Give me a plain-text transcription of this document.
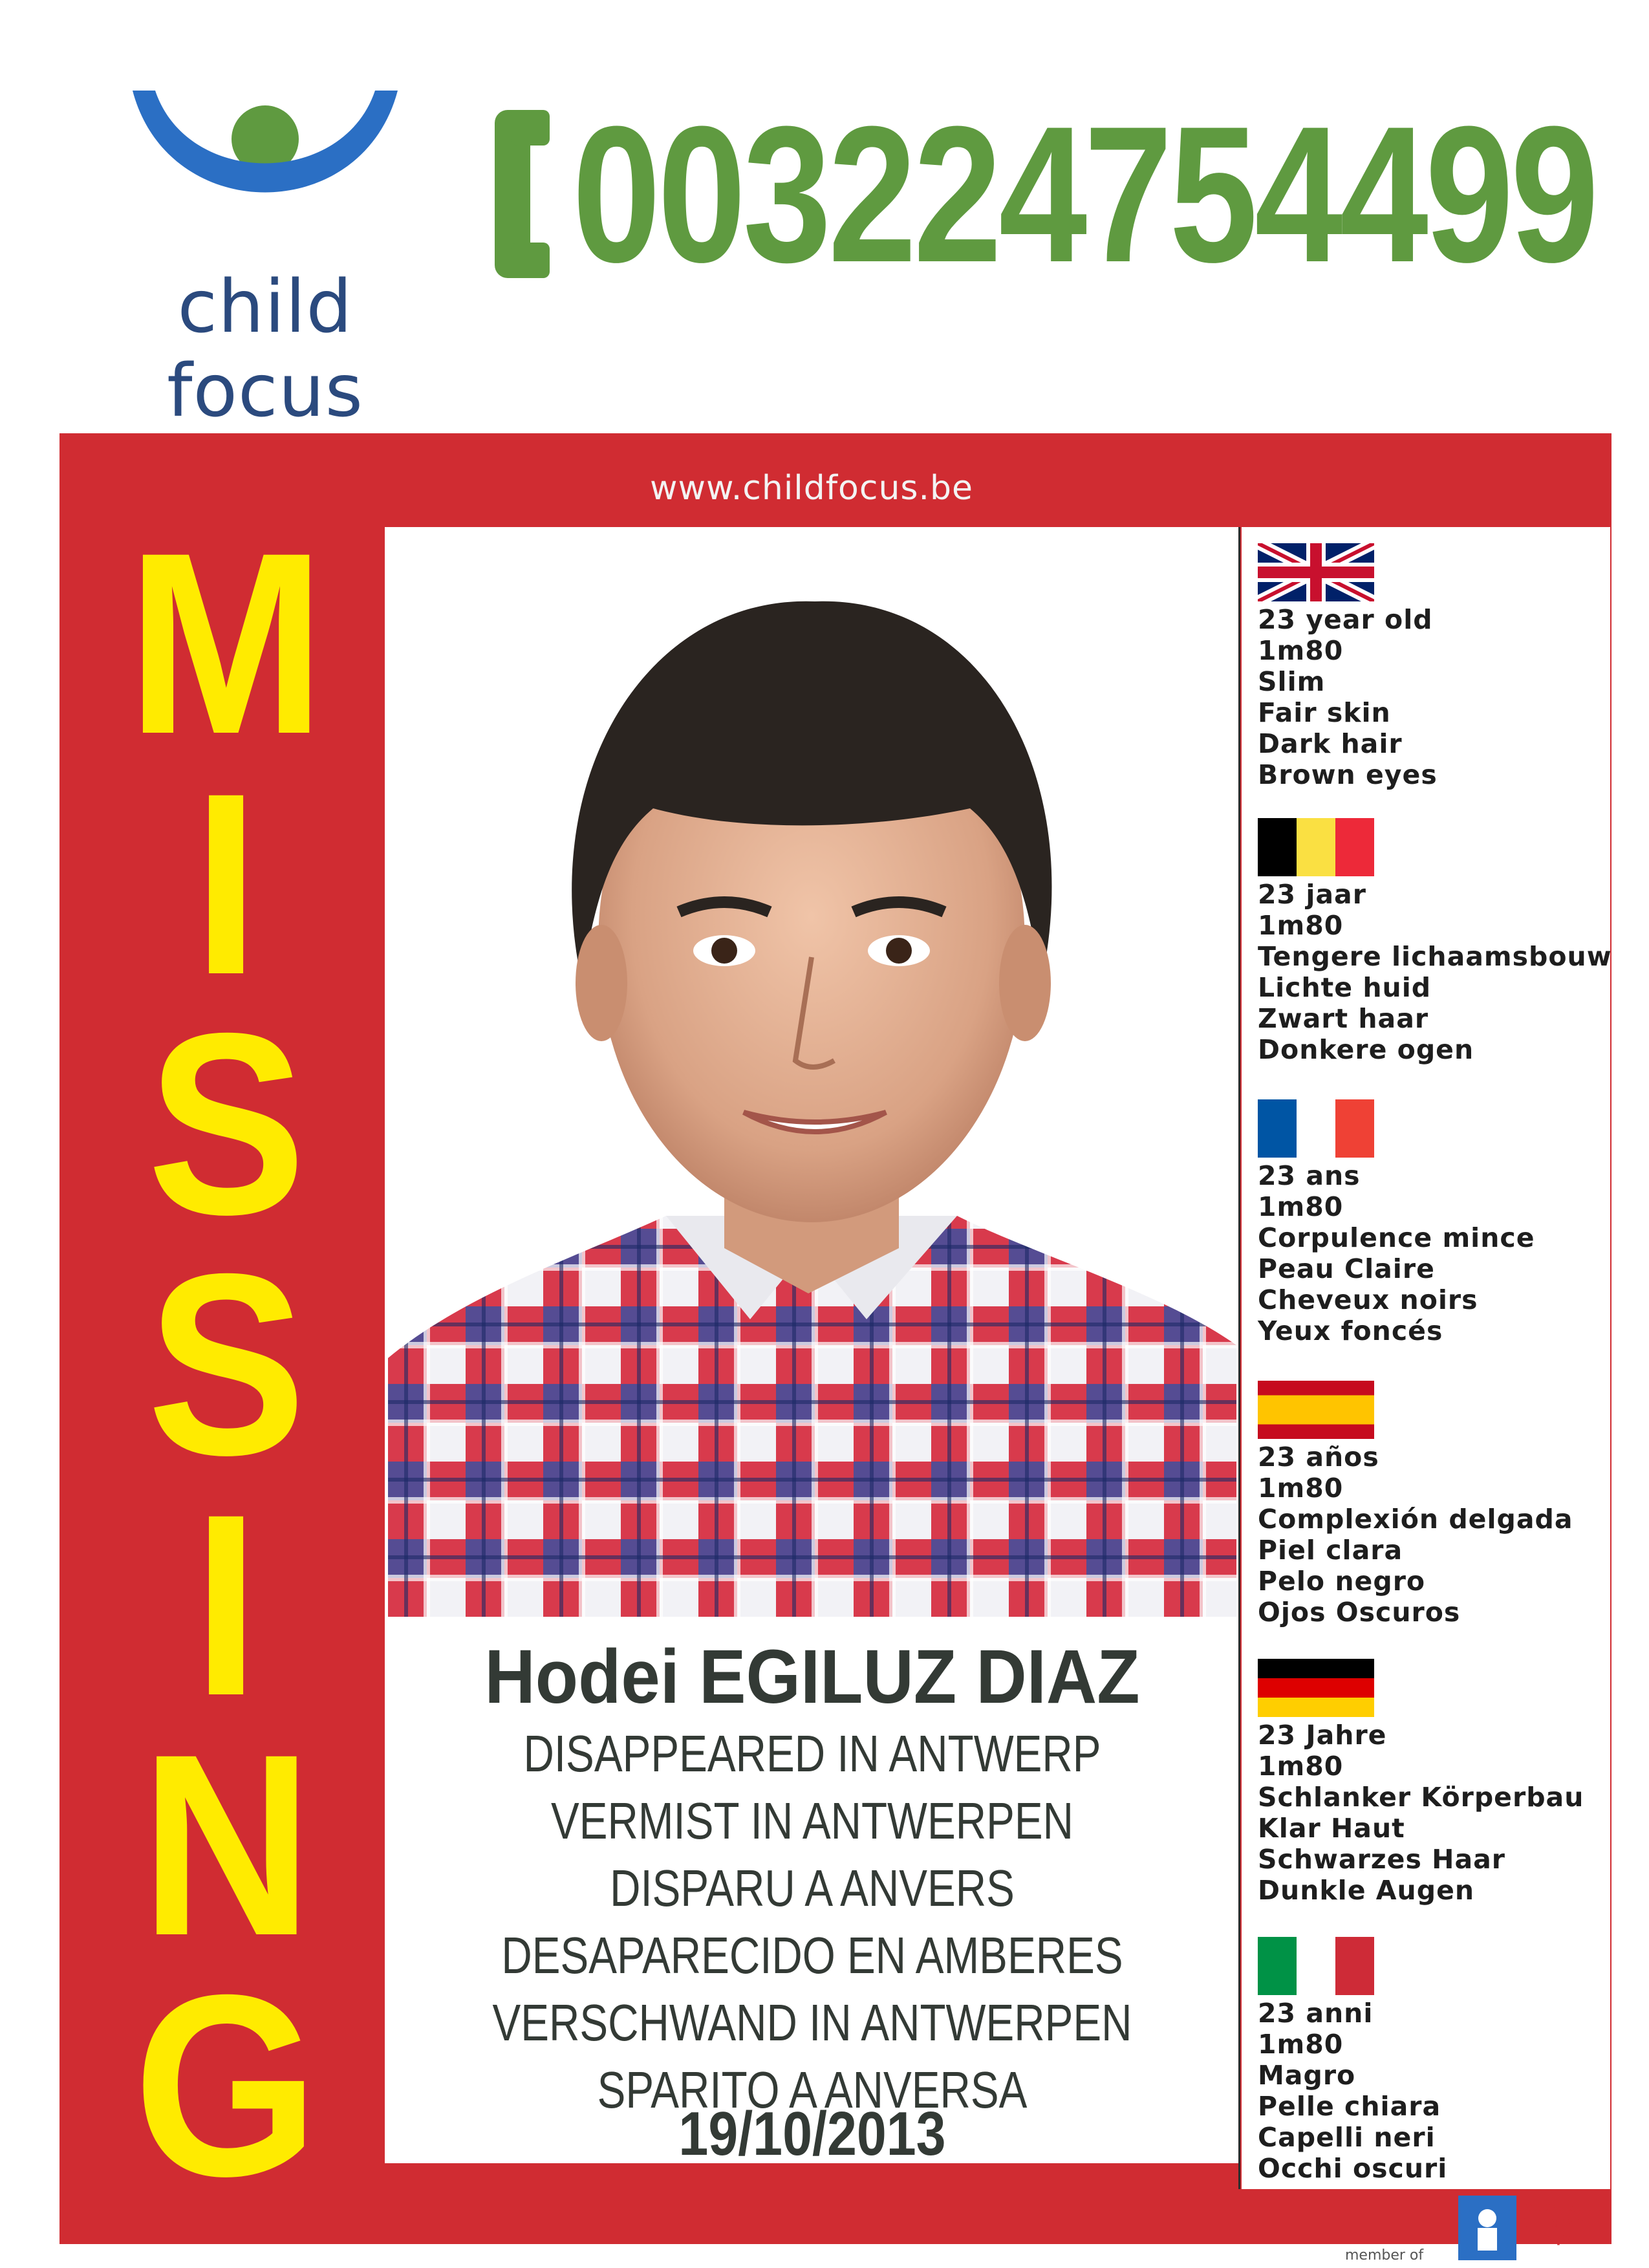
child focus
003224754499
www.childfocus.be
M
I
S
S
I
N
G
Hodei EGILUZ DIAZ
DISAPPEARED IN ANTWERP
VERMIST IN ANTWERPEN
DISPARU A ANVERS
DESAPARECIDO EN AMBERES
VERSCHWAND IN ANTWERPEN
SPARITO A ANVERSA
19/10/2013
23 year old
1m80
Slim
Fair skin
Dark hair
Brown eyes
23 jaar
1m80
Tengere lichaamsbouw
Lichte huid
Zwart haar
Donkere ogen
23 ans
1m80
Corpulence mince
Peau Claire
Cheveux noirs
Yeux foncés
23 años
1m80
Complexión delgada
Piel clara
Pelo negro
Ojos Oscuros
23 Jahre
1m80
Schlanker Körperbau
Klar Haut
Schwarzes Haar
Dunkle Augen
23 anni
1m80
Magro
Pelle chiara
Capelli neri
Occhi oscuri
Missing
Children
Europe
member of
